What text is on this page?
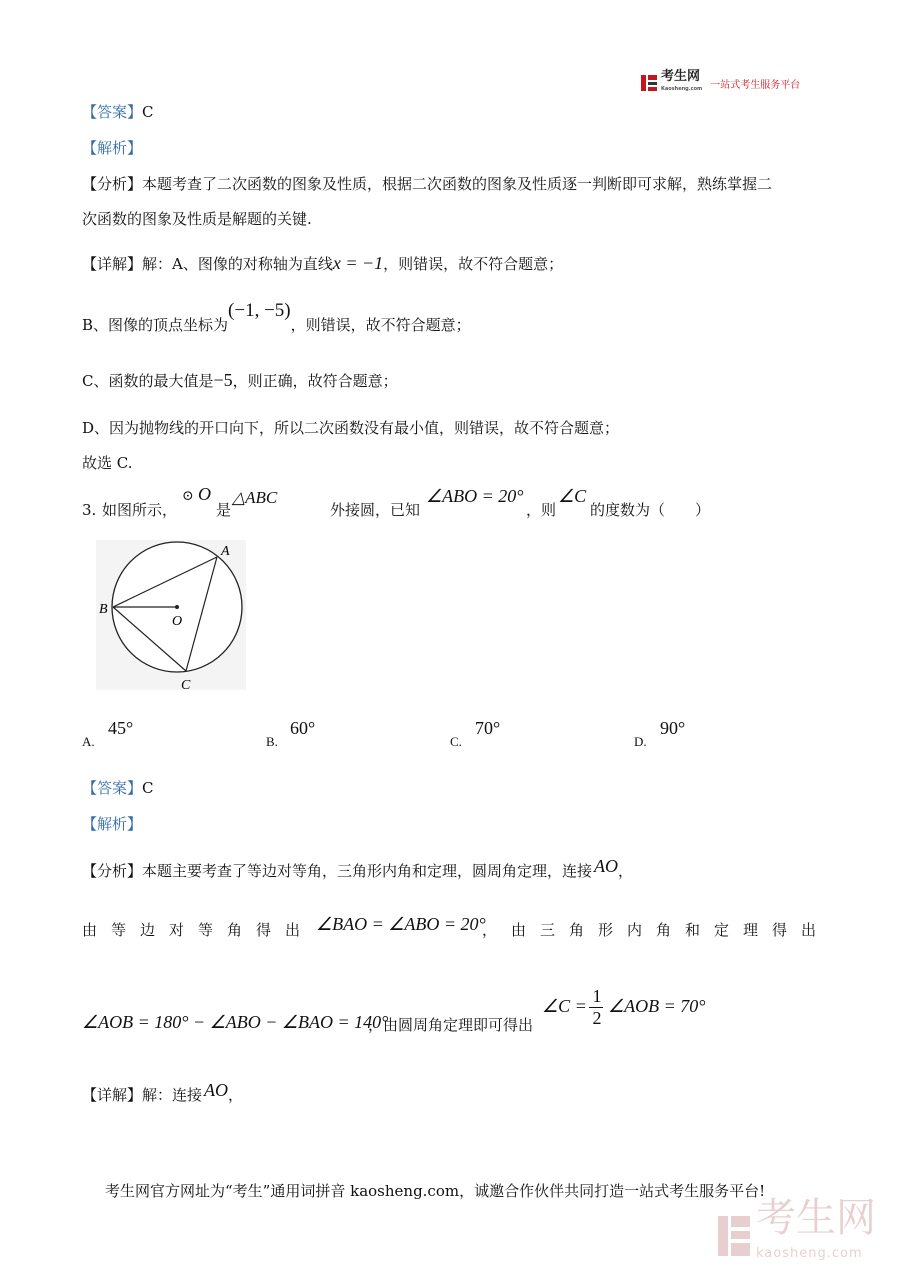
考生网
Kaosheng.com 一站式考生服务平台
【答案】C
【解析】
【分析】本题考查了二次函数的图象及性质，根据二次函数的图象及性质逐一判断即可求解，熟练掌握二
次函数的图象及性质是解题的关键.
【详解】解：A、图像的对称轴为直线x = −1，则错误，故不符合题意；
B、图像的顶点坐标为(−1, −5)，则错误，故不符合题意；
C、函数的最大值是−5，则正确，故符合题意；
D、因为抛物线的开口向下，所以二次函数没有最小值，则错误，故不符合题意；
故选 C.
3. 如图所示，
⊙ O
是
△ABC
外接圆，已知
∠ABO = 20°
，则
∠C
的度数为（　　）
A
B
C
O
A.
45°
B.
60°
C.
70°
D.
90°
【答案】C
【解析】
【分析】本题主要考查了等边对等角，三角形内角和定理，圆周角定理，连接 AO，
由等边对等角得出 ∠BAO = ∠ABO = 20°
，由三角形内角和定理得出
∠AOB = 180° − ∠ABO − ∠BAO = 140°
，由圆周角定理即可得出
∠C = 1
2
∠AOB = 70°
【详解】解：连接 AO，
考生网官方网址为“考生”通用词拼音 kaosheng.com，诚邀合作伙伴共同打造一站式考生服务平台!
考生网
kaosheng.com
